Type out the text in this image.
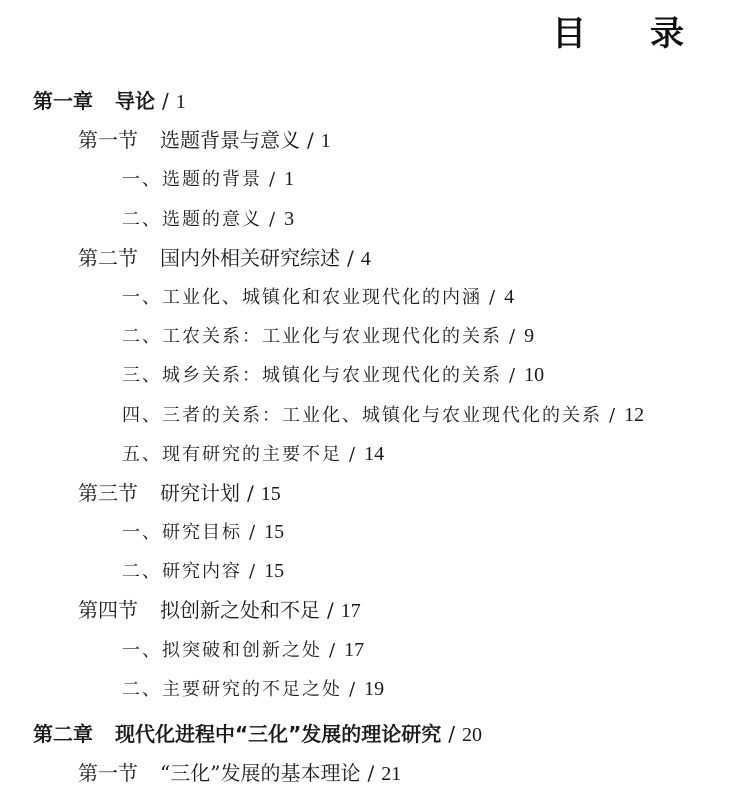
目 录
第一章 导论 / 1
第一节 选题背景与意义 / 1
一、选题的背景 / 1
二、选题的意义 / 3
第二节 国内外相关研究综述 / 4
一、工业化、城镇化和农业现代化的内涵 / 4
二、工农关系：工业化与农业现代化的关系 / 9
三、城乡关系：城镇化与农业现代化的关系 / 10
四、三者的关系：工业化、城镇化与农业现代化的关系 / 12
五、现有研究的主要不足 / 14
第三节 研究计划 / 15
一、研究目标 / 15
二、研究内容 / 15
第四节 拟创新之处和不足 / 17
一、拟突破和创新之处 / 17
二、主要研究的不足之处 / 19
第二章 现代化进程中“三化”发展的理论研究 / 20
第一节 “三化”发展的基本理论 / 21
